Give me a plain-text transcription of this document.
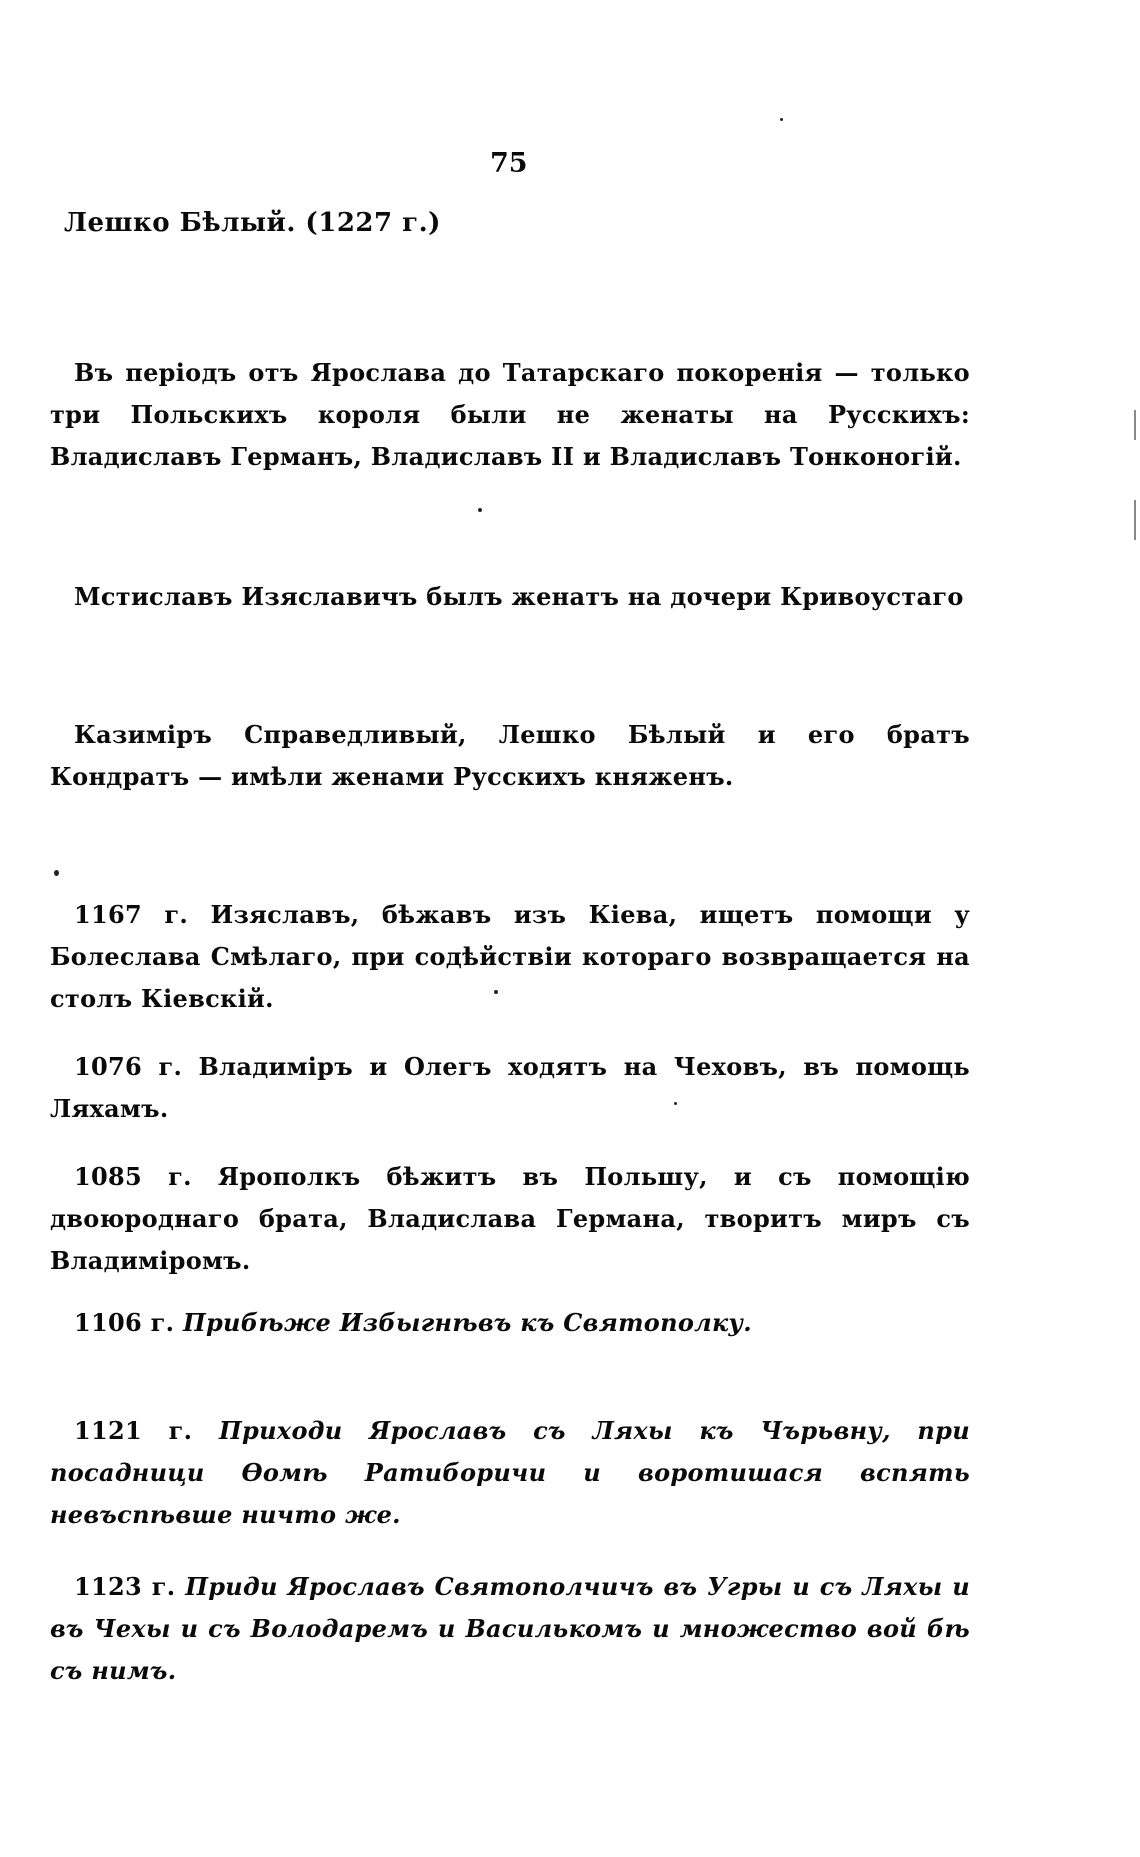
75
Лешко Бѣлый. (1227 г.)
Въ періодъ отъ Ярослава до Татарскаго покоренія — только три Польскихъ короля были не женаты на Русскихъ: Владиславъ Германъ, Владиславъ II и Владиславъ Тонконогій.
Мстиславъ Изяславичъ былъ женатъ на дочери Кривоустаго
Казиміръ Справедливый, Лешко Бѣлый и его братъ Кондратъ — имѣли женами Русскихъ княженъ.
1167 г. Изяславъ, бѣжавъ изъ Кіева, ищетъ помощи у Болеслава Смѣлаго, при содѣйствіи котораго возвращается на столъ Кіевскій.
1076 г. Владиміръ и Олегъ ходятъ на Чеховъ, въ помощь Ляхамъ.
1085 г. Ярополкъ бѣжитъ въ Польшу, и съ помощію двоюроднаго брата, Владислава Германа, творитъ миръ съ Владиміромъ.
1106 г. Прибѣже Избыгнѣвъ къ Святополку.
1121 г. Приходи Ярославъ съ Ляхы къ Чърьвну, при посадници Ѳомѣ Ратиборичи и воротишася вспять невъспѣвше ничто же.
1123 г. Приди Ярославъ Святополчичъ въ Угры и съ Ляхы и въ Чехы и съ Володаремъ и Василькомъ и множество вой бѣ съ нимъ.
